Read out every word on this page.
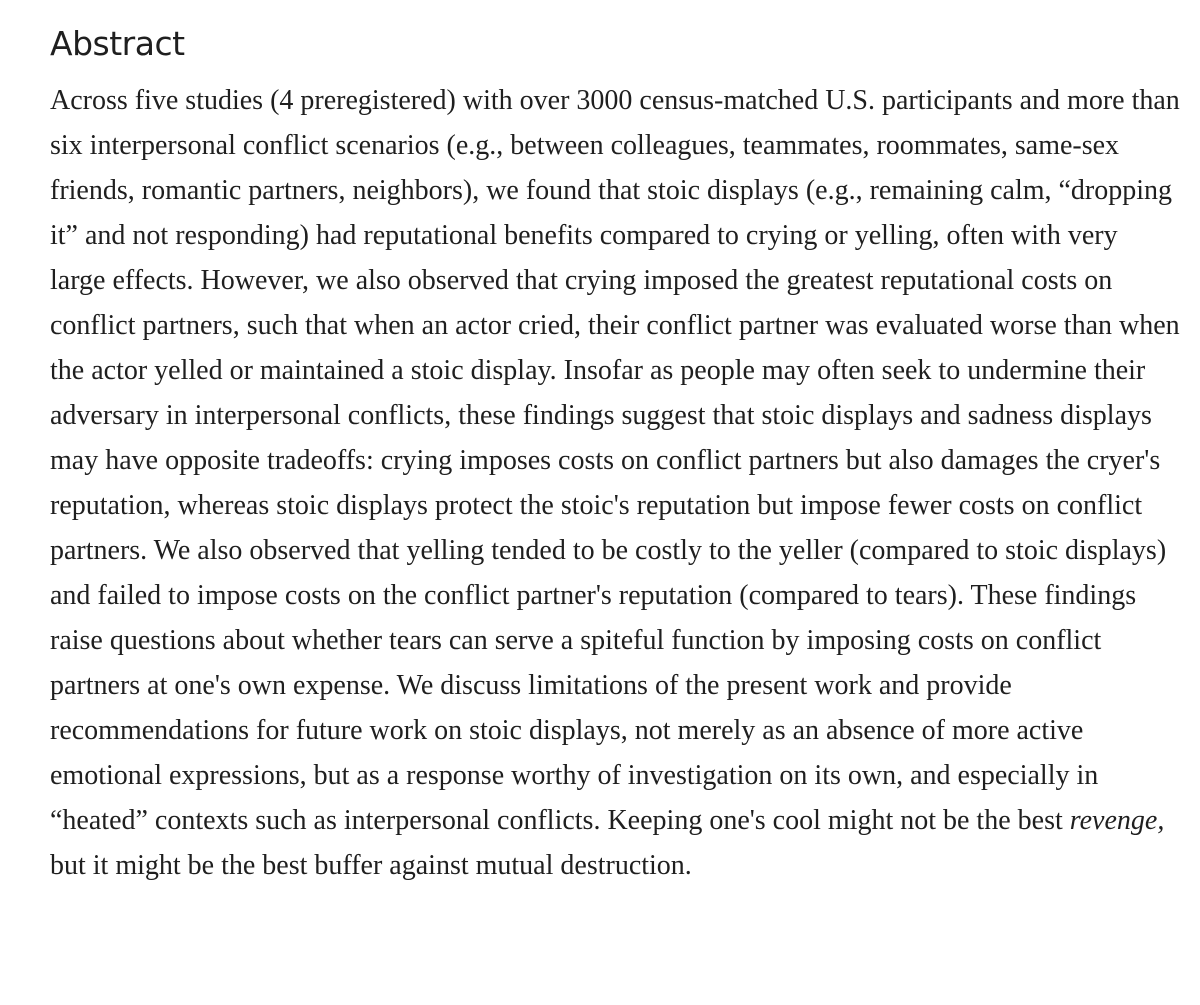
Abstract

Across five studies (4 preregistered) with over 3000 census-matched U.S. participants and more than six interpersonal conflict scenarios (e.g., between colleagues, teammates, roommates, same-sex friends, romantic partners, neighbors), we found that stoic displays (e.g., remaining calm, “dropping it” and not responding) had reputational benefits compared to crying or yelling, often with very large effects. However, we also observed that crying imposed the greatest reputational costs on conflict partners, such that when an actor cried, their conflict partner was evaluated worse than when the actor yelled or maintained a stoic display. Insofar as people may often seek to undermine their adversary in interpersonal conflicts, these findings suggest that stoic displays and sadness displays may have opposite tradeoffs: crying imposes costs on conflict partners but also damages the cryer's reputation, whereas stoic displays protect the stoic's reputation but impose fewer costs on conflict partners. We also observed that yelling tended to be costly to the yeller (compared to stoic displays) and failed to impose costs on the conflict partner's reputation (compared to tears). These findings raise questions about whether tears can serve a spiteful function by imposing costs on conflict partners at one's own expense. We discuss limitations of the present work and provide recommendations for future work on stoic displays, not merely as an absence of more active emotional expressions, but as a response worthy of investigation on its own, and especially in “heated” contexts such as interpersonal conflicts. Keeping one's cool might not be the best revenge, but it might be the best buffer against mutual destruction.
